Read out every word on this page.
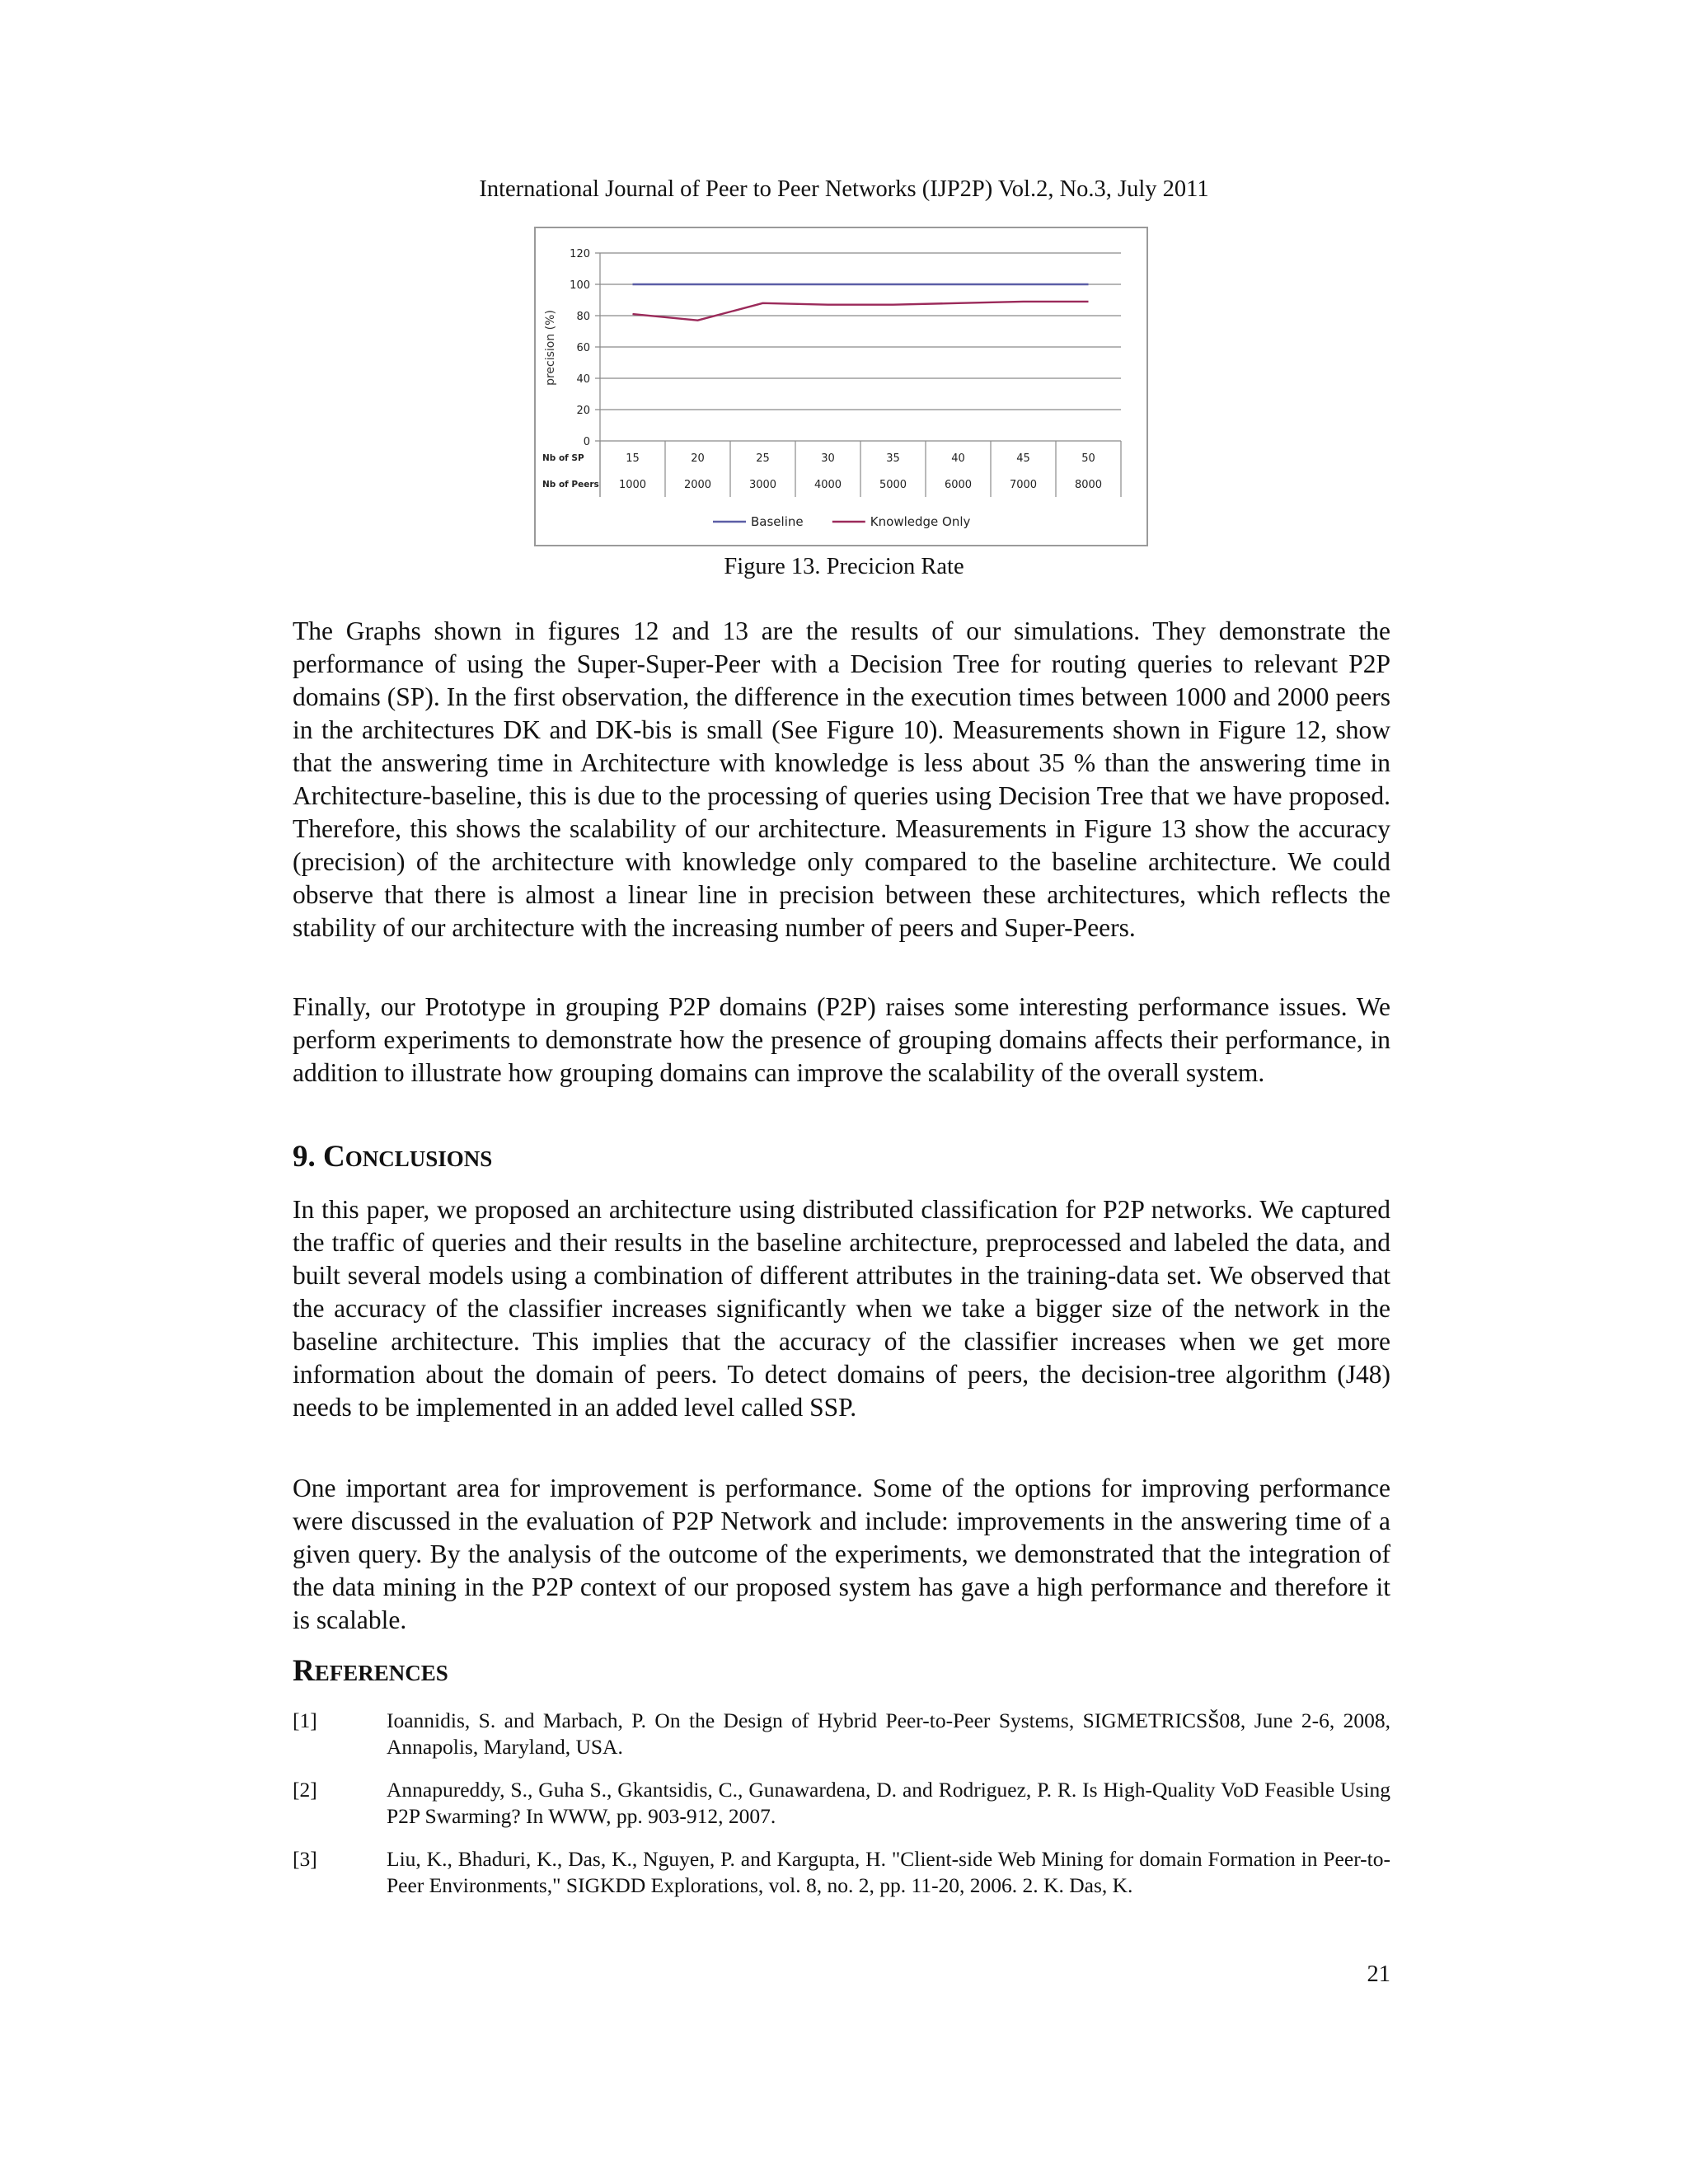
International Journal of Peer to Peer Networks (IJP2P) Vol.2, No.3, July 2011
120
100
80
60
40
20
0
precision (%)
Nb of SP	15	20	25	30	35	40	45	50
Nb of Peers 1000	2000	3000	4000	5000	6000	7000	8000
Baseline	Knowledge Only
Figure 13. Precicion Rate

The Graphs shown in figures 12 and 13 are the results of our simulations. They demonstrate the performance of using the Super-Super-Peer with a Decision Tree for routing queries to relevant P2P domains (SP). In the first observation, the difference in the execution times between 1000 and 2000 peers in the architectures DK and DK-bis is small (See Figure 10). Measurements shown in Figure 12, show that the answering time in Architecture with knowledge is less about 35 % than the answering time in Architecture-baseline, this is due to the processing of queries using Decision Tree that we have proposed. Therefore, this shows the scalability of our architecture. Measurements in Figure 13 show the accuracy (precision) of the architecture with knowledge only compared to the baseline architecture. We could observe that there is almost a linear line in precision between these architectures, which reflects the stability of our architecture with the increasing number of peers and Super-Peers.

Finally, our Prototype in grouping P2P domains (P2P) raises some interesting performance issues. We perform experiments to demonstrate how the presence of grouping domains affects their performance, in addition to illustrate how grouping domains can improve the scalability of the overall system.

9. CONCLUSIONS

In this paper, we proposed an architecture using distributed classification for P2P networks. We captured the traffic of queries and their results in the baseline architecture, preprocessed and labeled the data, and built several models using a combination of different attributes in the training-data set. We observed that the accuracy of the classifier increases significantly when we take a bigger size of the network in the baseline architecture. This implies that the accuracy of the classifier increases when we get more information about the domain of peers. To detect domains of peers, the decision-tree algorithm (J48) needs to be implemented in an added level called SSP.

One important area for improvement is performance. Some of the options for improving performance were discussed in the evaluation of P2P Network and include: improvements in the answering time of a given query. By the analysis of the outcome of the experiments, we demonstrated that the integration of the data mining in the P2P context of our proposed system has gave a high performance and therefore it is scalable.

REFERENCES
[1]	Ioannidis, S. and Marbach, P. On the Design of Hybrid Peer-to-Peer Systems, SIGMETRICSŠ08, June 2-6, 2008, Annapolis, Maryland, USA.
[2]	Annapureddy, S., Guha S., Gkantsidis, C., Gunawardena, D. and Rodriguez, P. R. Is High-Quality VoD Feasible Using P2P Swarming? In WWW, pp. 903-912, 2007.
[3]	Liu, K., Bhaduri, K., Das, K., Nguyen, P. and Kargupta, H. "Client-side Web Mining for domain Formation in Peer-to-Peer Environments," SIGKDD Explorations, vol. 8, no. 2, pp. 11-20, 2006. 2. K. Das, K.
21
